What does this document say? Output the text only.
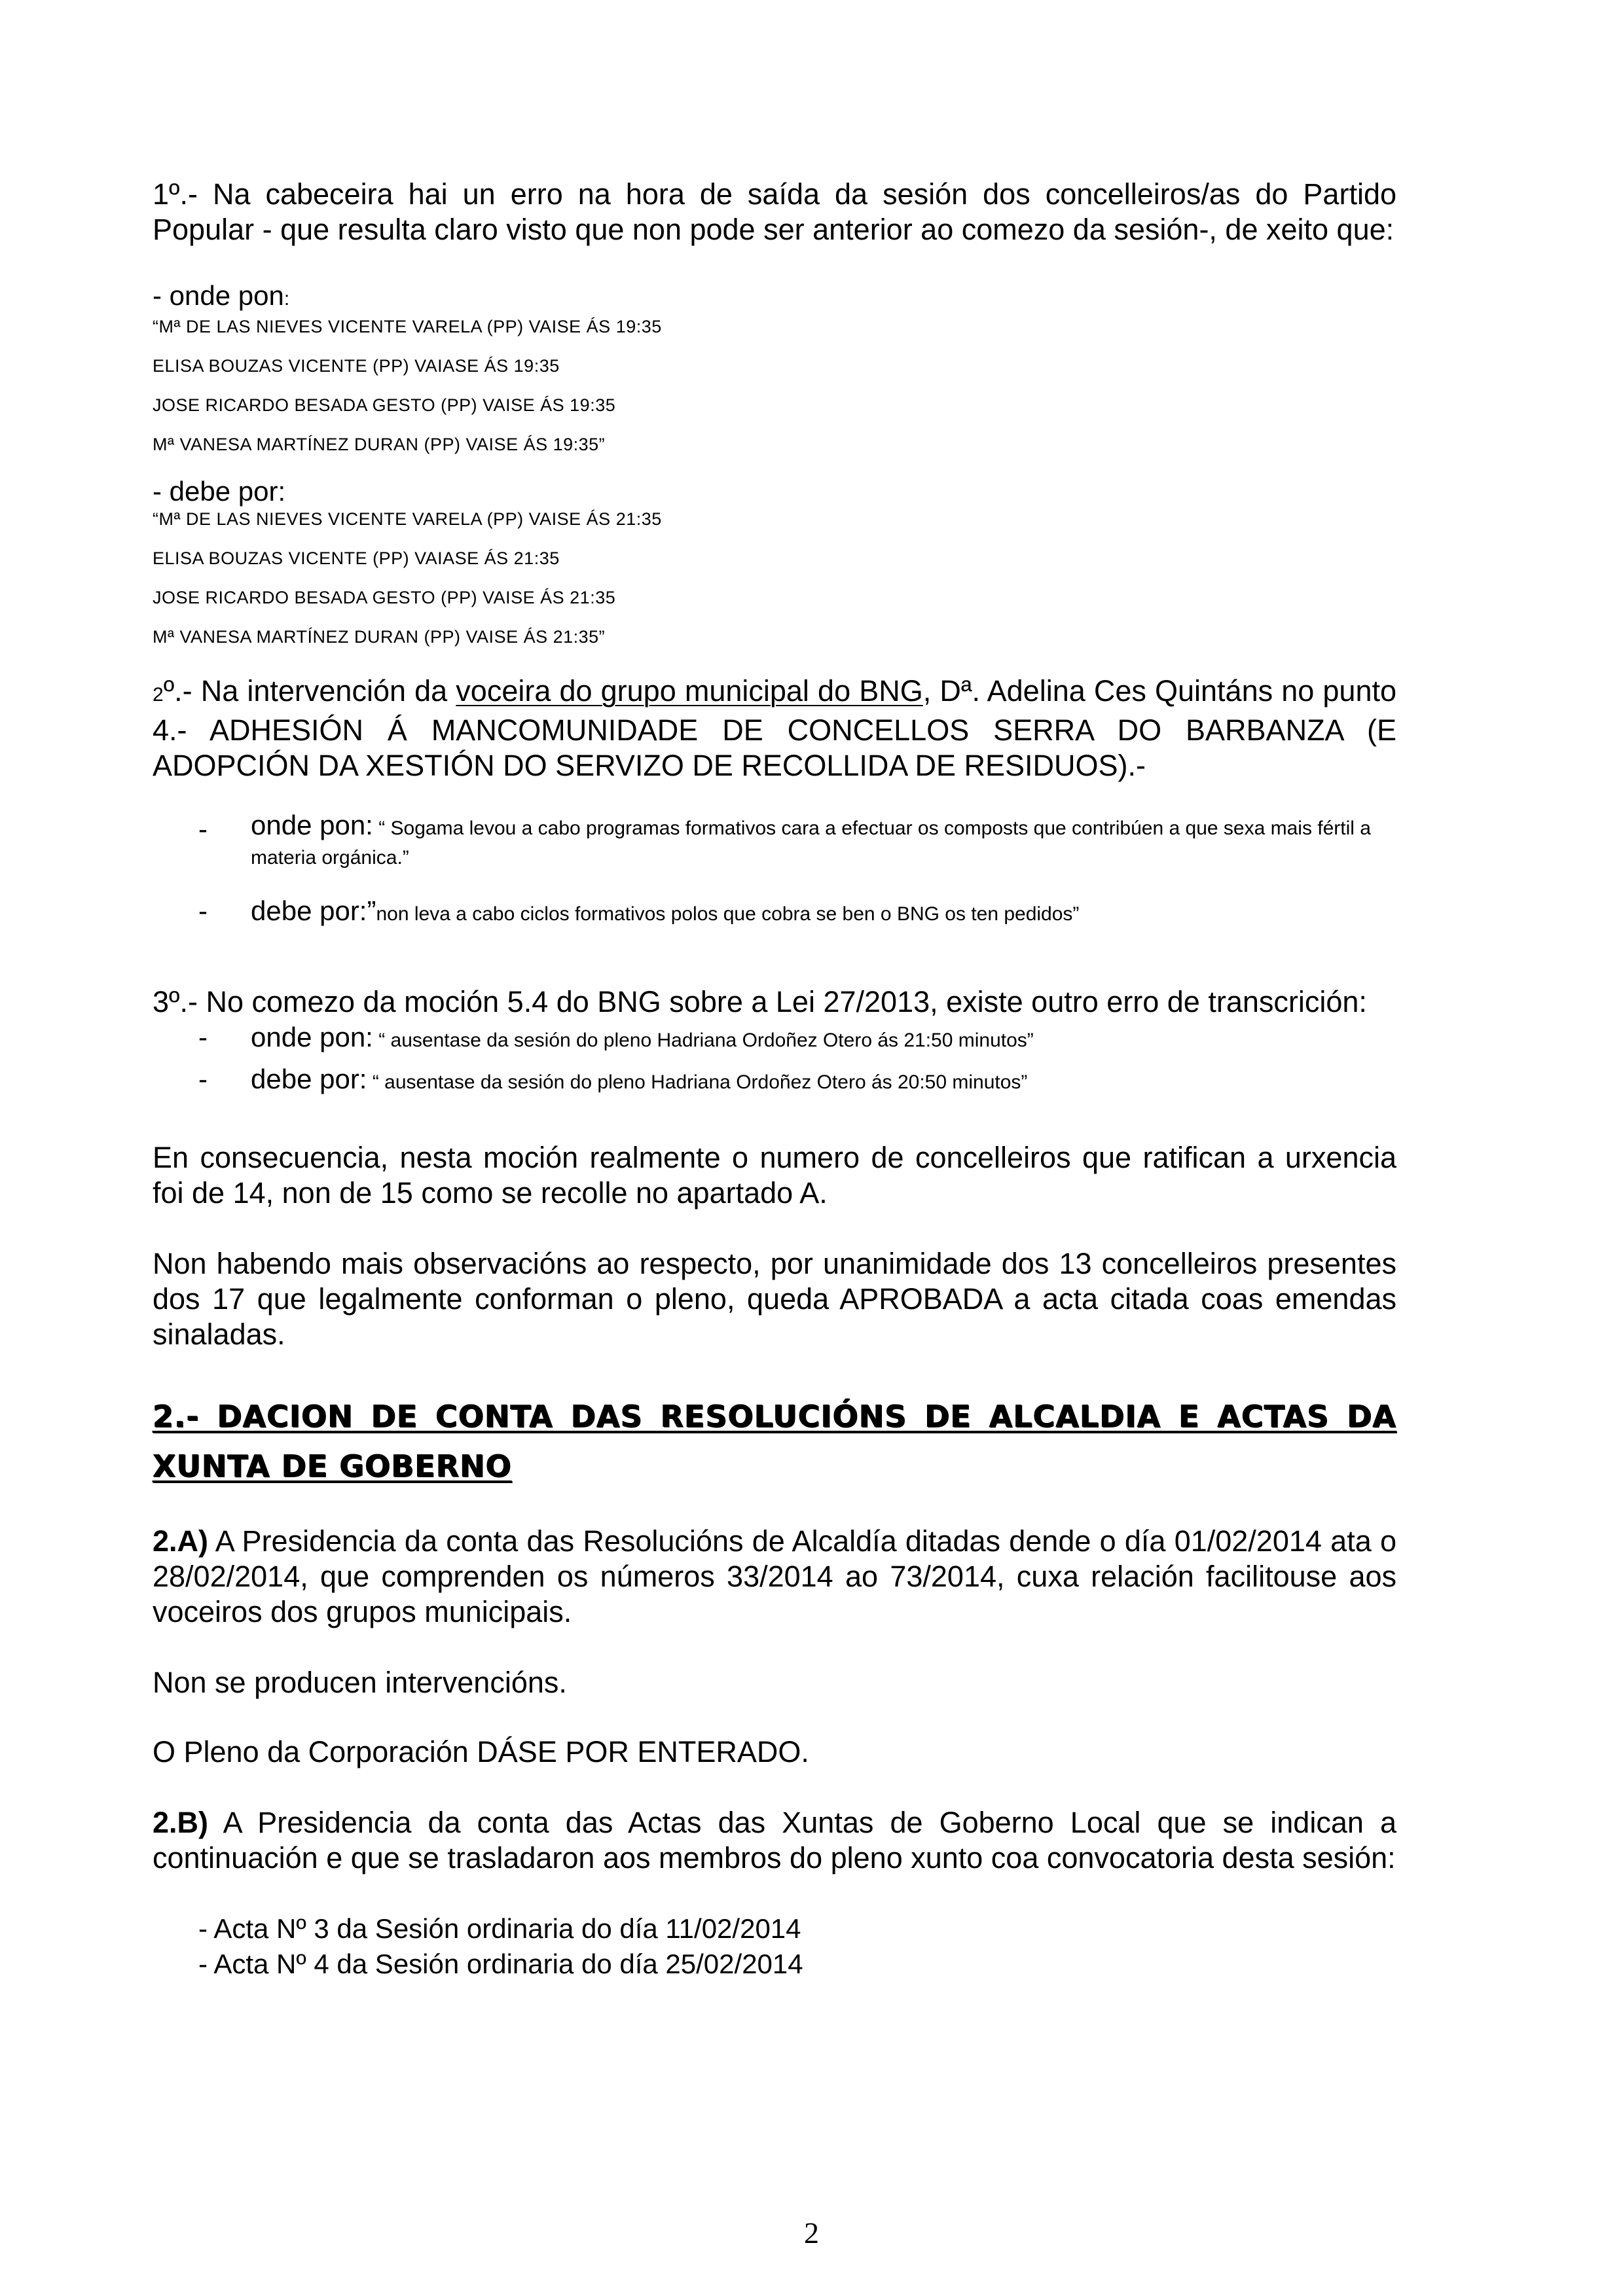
1º.- Na cabeceira hai un erro na hora de saída da sesión dos concelleiros/as do Partido Popular - que resulta claro visto que non pode ser anterior ao comezo da sesión-, de xeito que:

- onde pon:

“Mª DE LAS NIEVES VICENTE VARELA (PP) VAISE ÁS 19:35

ELISA BOUZAS VICENTE (PP) VAIASE ÁS 19:35

JOSE RICARDO BESADA GESTO (PP) VAISE ÁS 19:35

Mª VANESA MARTÍNEZ DURAN (PP) VAISE ÁS 19:35”

- debe por:

“Mª DE LAS NIEVES VICENTE VARELA (PP) VAISE ÁS 21:35

ELISA BOUZAS VICENTE (PP) VAIASE ÁS 21:35

JOSE RICARDO BESADA GESTO (PP) VAISE ÁS 21:35

Mª VANESA MARTÍNEZ DURAN (PP) VAISE ÁS 21:35”

2º.- Na intervención da voceira do grupo municipal do BNG, Dª. Adelina Ces Quintáns no punto 4.- ADHESIÓN Á MANCOMUNIDADE DE CONCELLOS SERRA DO BARBANZA (E ADOPCIÓN DA XESTIÓN DO SERVIZO DE RECOLLIDA DE RESIDUOS).-

- onde pon: “ Sogama levou a cabo programas formativos cara a efectuar os composts que contribúen a que sexa mais fértil a materia orgánica.”
- debe por:”non leva a cabo ciclos formativos polos que cobra se ben o BNG os ten pedidos”

3º.- No comezo da moción 5.4 do BNG sobre a Lei 27/2013, existe outro erro de transcrición:

- onde pon: “ ausentase da sesión do pleno Hadriana Ordoñez Otero ás 21:50 minutos”
- debe por: “ ausentase da sesión do pleno Hadriana Ordoñez Otero ás 20:50 minutos”

En consecuencia, nesta moción realmente o numero de concelleiros que ratifican a urxencia foi de 14, non de 15 como se recolle no apartado A.

Non habendo mais observacións ao respecto, por unanimidade dos 13 concelleiros presentes dos 17 que legalmente conforman o pleno, queda APROBADA a acta citada coas emendas sinaladas.

2.- DACION DE CONTA DAS RESOLUCIÓNS DE ALCALDIA E ACTAS DA XUNTA DE GOBERNO

2.A) A Presidencia da conta das Resolucións de Alcaldía ditadas dende o día 01/02/2014 ata o 28/02/2014, que comprenden os números 33/2014 ao 73/2014, cuxa relación facilitouse aos voceiros dos grupos municipais.

Non se producen intervencións.

O Pleno da Corporación DÁSE POR ENTERADO.

2.B) A Presidencia da conta das Actas das Xuntas de Goberno Local que se indican a continuación e que se trasladaron aos membros do pleno xunto coa convocatoria desta sesión:

- Acta Nº 3 da Sesión ordinaria do día 11/02/2014
- Acta Nº 4 da Sesión ordinaria do día 25/02/2014
2
